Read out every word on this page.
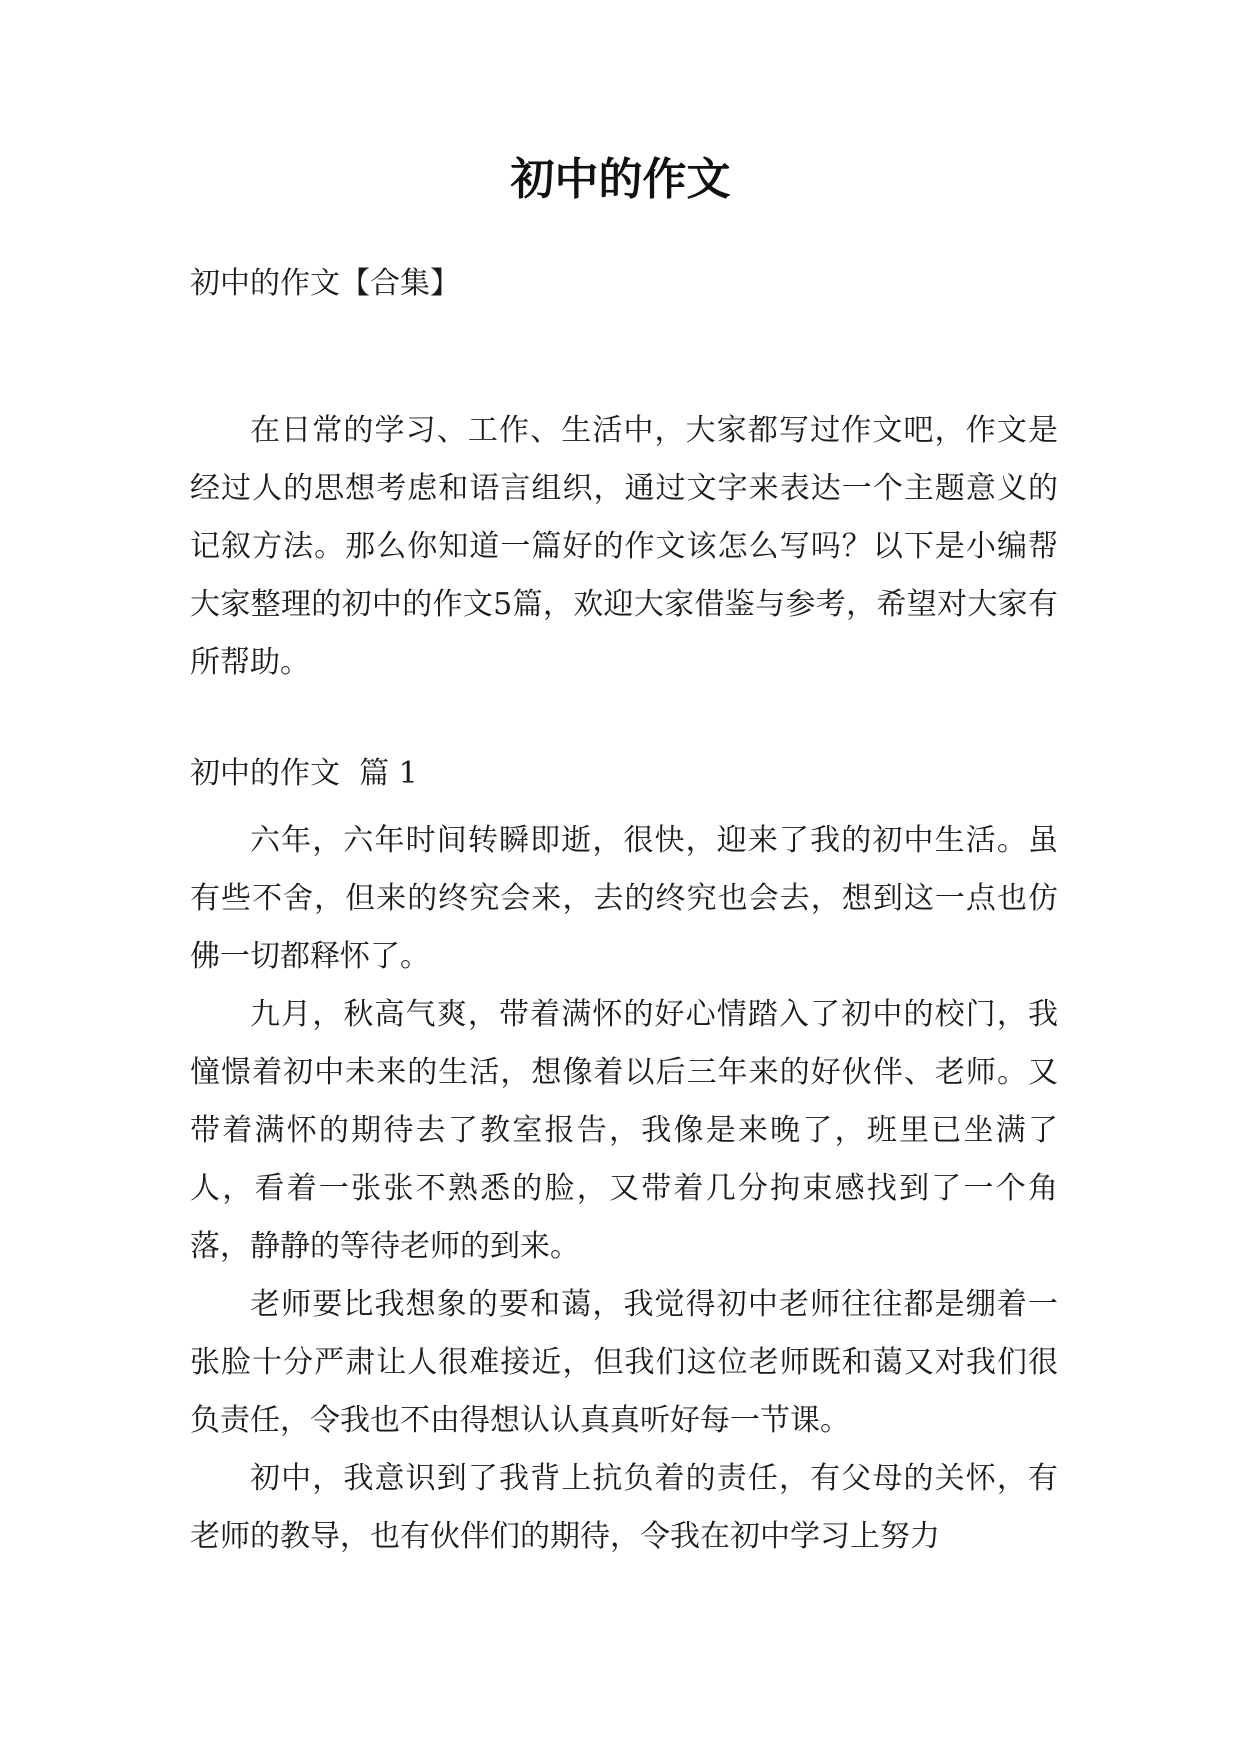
初中的作文
初中的作文【合集】

在日常的学习、工作、生活中，大家都写过作文吧，作文是经过人的思想考虑和语言组织，通过文字来表达一个主题意义的记叙方法。那么你知道一篇好的作文该怎么写吗？以下是小编帮大家整理的初中的作文5篇，欢迎大家借鉴与参考，希望对大家有所帮助。

初中的作文  篇 1

六年，六年时间转瞬即逝，很快，迎来了我的初中生活。虽有些不舍，但来的终究会来，去的终究也会去，想到这一点也仿佛一切都释怀了。

九月，秋高气爽，带着满怀的好心情踏入了初中的校门，我憧憬着初中未来的生活，想像着以后三年来的好伙伴、老师。又带着满怀的期待去了教室报告，我像是来晚了，班里已坐满了人，看着一张张不熟悉的脸，又带着几分拘束感找到了一个角落，静静的等待老师的到来。

老师要比我想象的要和蔼，我觉得初中老师往往都是绷着一张脸十分严肃让人很难接近，但我们这位老师既和蔼又对我们很负责任，令我也不由得想认认真真听好每一节课。

初中，我意识到了我背上抗负着的责任，有父母的关怀，有老师的教导，也有伙伴们的期待，令我在初中学习上努力
